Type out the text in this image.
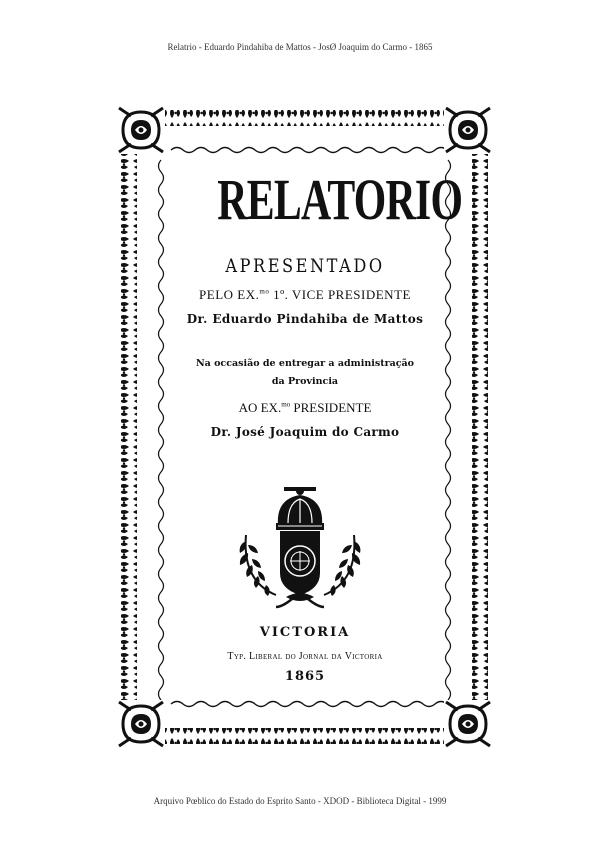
Relatrio - Eduardo Pindahiba de Mattos - JosØ Joaquim do Carmo - 1865
RELATORIO
APRESENTADO
PELO EX.$^{mo}$ 1º. VICE PRESIDENTE
Dr. Eduardo Pindahiba de Mattos
Na occasião de entregar a administração
da Provincia
AO EX.$^{mo}$ PRESIDENTE
Dr. José Joaquim do Carmo
VICTORIA
Typ. Liberal do Jornal da Victoria
1865
Arquivo Pœblico do Estado do Esprito Santo - XDOD - Biblioteca Digital - 1999
